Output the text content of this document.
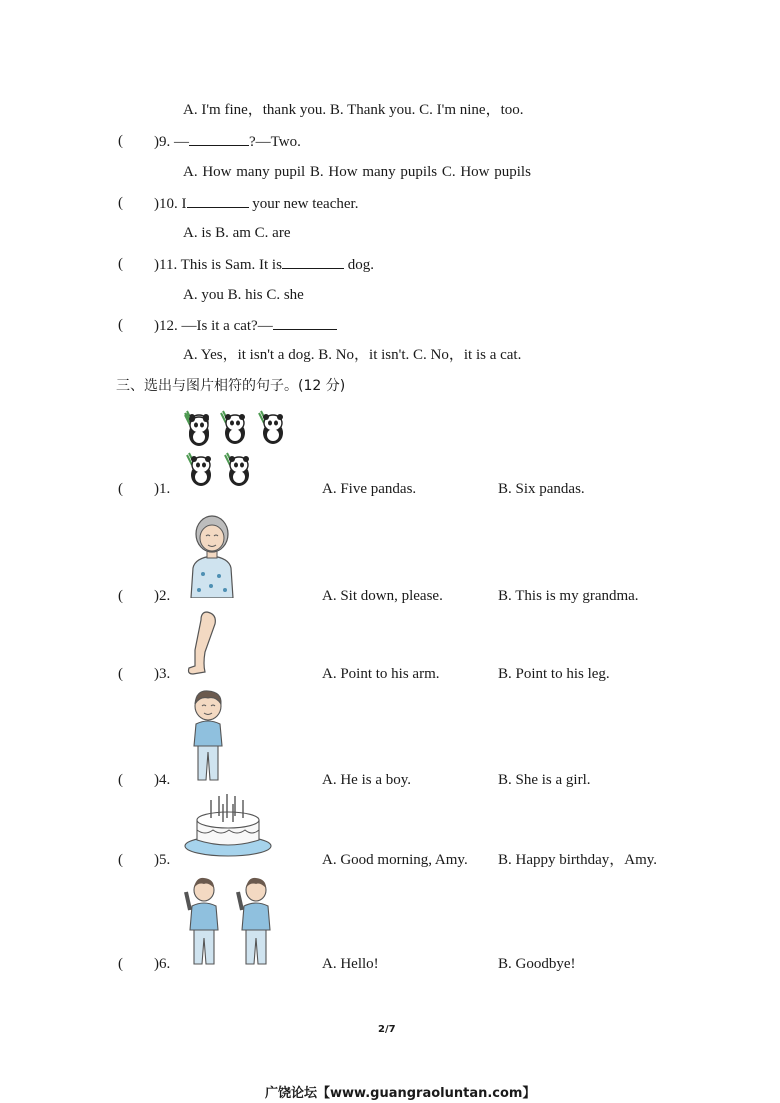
A. I'm fine，thank you. B. Thank you. C. I'm nine，too.
( )9. —	?—Two.
A. How many pupil B. How many pupils C. How pupils
( )10. I	your new teacher.
A. is B. am C. are
( )11. This is Sam. It is	dog.
A. you B. his C. she
( )12. —Is it a cat?—
A. Yes，it isn't a dog. B. No，it isn't. C. No，it is a cat.
三、选出与图片相符的句子。(12 分)
( )1.	A. Five pandas.	B. Six pandas.
( )2.	A. Sit down, please.	B. This is my grandma.
( )3.	A. Point to his arm.	B. Point to his leg.
( )4.	A. He is a boy.	B. She is a girl.
( )5.	A. Good morning, Amy. B. Happy birthday，Amy.
( )6.	A. Hello!	B. Goodbye!
2/7
广饶论坛【www.guangraoluntan.com】
